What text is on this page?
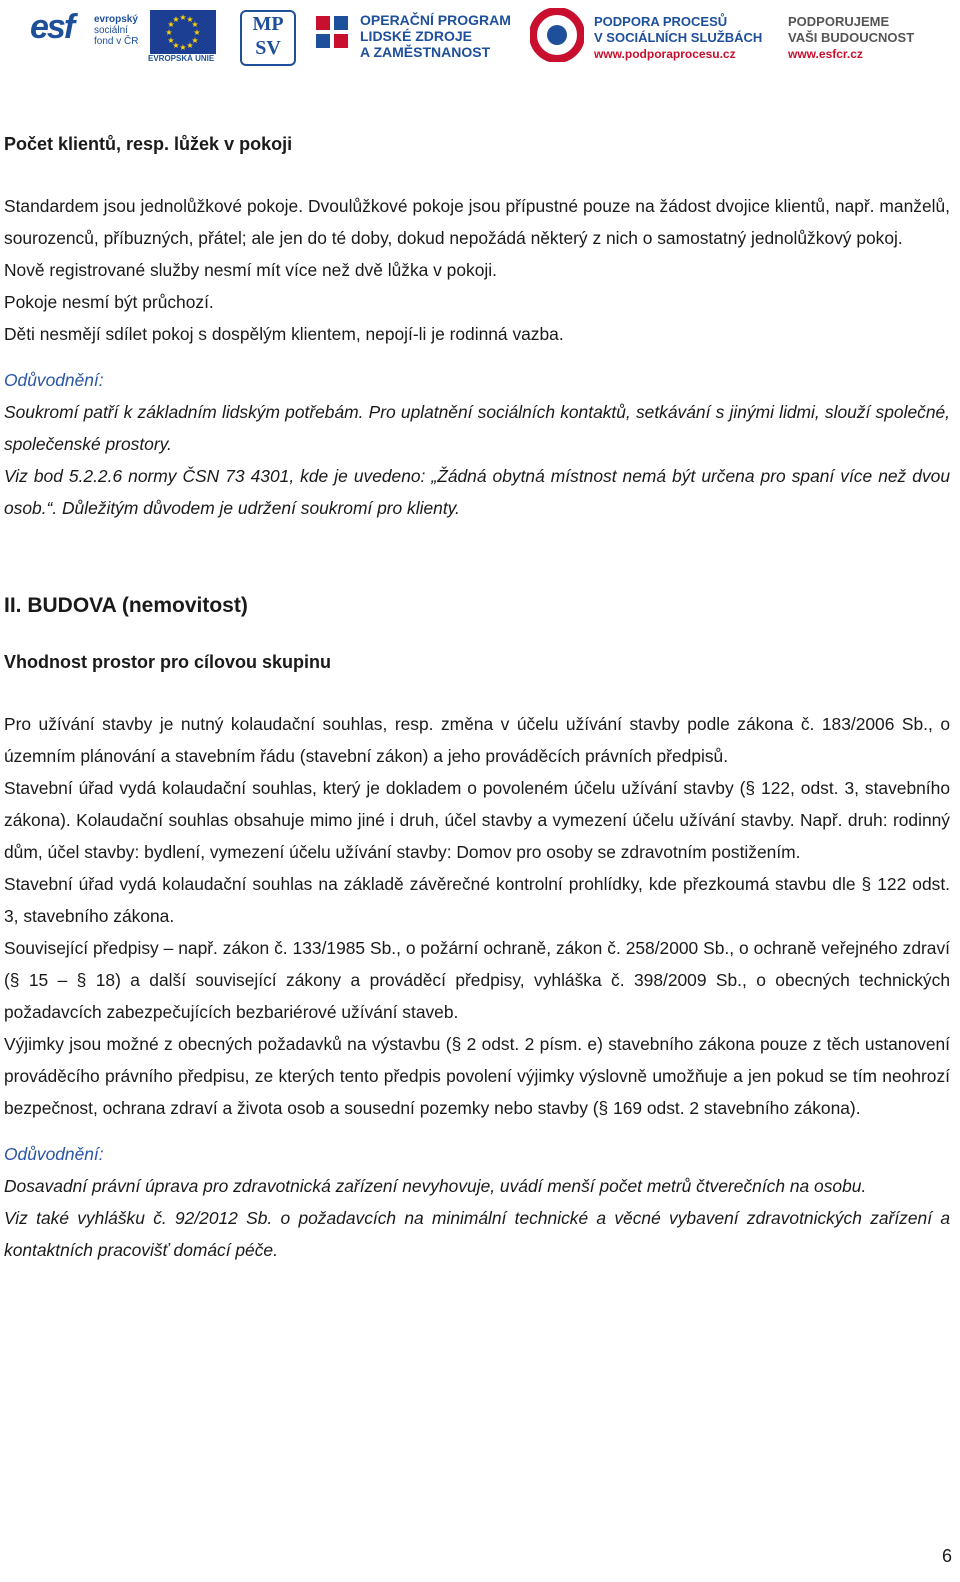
esf	evropský
sociální
fond v ČR
★ ★
★
★
★
★
★
★
★
★
★
★
EVROPSKÁ UNIE
MP SV
OPERAČNÍ PROGRAM
LIDSKÉ ZDROJE
A ZAMĚSTNANOST
PODPORA PROCESŮ
V SOCIÁLNÍCH SLUŽBÁCH
www.podporaprocesu.cz
PODPORUJEME
VAŠI BUDOUCNOST
www.esfcr.cz

Počet klientů, resp. lůžek v pokoji

Standardem jsou jednolůžkové pokoje. Dvoulůžkové pokoje jsou přípustné pouze na žádost dvojice klientů, např. manželů, sourozenců, příbuzných, přátel; ale jen do té doby, dokud nepožádá některý z nich o samostatný jednolůžkový pokoj.

Nově registrované služby nesmí mít více než dvě lůžka v pokoji.

Pokoje nesmí být průchozí.

Děti nesmějí sdílet pokoj s dospělým klientem, nepojí-li je rodinná vazba.

Odůvodnění:

Soukromí patří k základním lidským potřebám. Pro uplatnění sociálních kontaktů, setkávání s jinými lidmi, slouží společné, společenské prostory.

Viz bod 5.2.2.6 normy ČSN 73 4301, kde je uvedeno: „Žádná obytná místnost nemá být určena pro spaní více než dvou osob.“. Důležitým důvodem je udržení soukromí pro klienty.

II. BUDOVA (nemovitost)

Vhodnost prostor pro cílovou skupinu

Pro užívání stavby je nutný kolaudační souhlas, resp. změna v účelu užívání stavby podle zákona č. 183/2006 Sb., o územním plánování a stavebním řádu (stavební zákon) a jeho prováděcích právních předpisů.

Stavební úřad vydá kolaudační souhlas, který je dokladem o povoleném účelu užívání stavby (§ 122, odst. 3, stavebního zákona). Kolaudační souhlas obsahuje mimo jiné i druh, účel stavby a vymezení účelu užívání stavby. Např. druh: rodinný dům, účel stavby: bydlení, vymezení účelu užívání stavby: Domov pro osoby se zdravotním postižením.

Stavební úřad vydá kolaudační souhlas na základě závěrečné kontrolní prohlídky, kde přezkoumá stavbu dle § 122 odst. 3, stavebního zákona.

Související předpisy – např. zákon č. 133/1985 Sb., o požární ochraně, zákon č. 258/2000 Sb., o ochraně veřejného zdraví (§ 15 – § 18) a další související zákony a prováděcí předpisy, vyhláška č. 398/2009 Sb., o obecných technických požadavcích zabezpečujících bezbariérové užívání staveb.

Výjimky jsou možné z obecných požadavků na výstavbu (§ 2 odst. 2 písm. e) stavebního zákona pouze z těch ustanovení prováděcího právního předpisu, ze kterých tento předpis povolení výjimky výslovně umožňuje a jen pokud se tím neohrozí bezpečnost, ochrana zdraví a života osob a sousední pozemky nebo stavby (§ 169 odst. 2 stavebního zákona).

Odůvodnění:

Dosavadní právní úprava pro zdravotnická zařízení nevyhovuje, uvádí menší počet metrů čtverečních na osobu.

Viz také vyhlášku č. 92/2012 Sb. o požadavcích na minimální technické a věcné vybavení zdravotnických zařízení a kontaktních pracovišť domácí péče.

6
